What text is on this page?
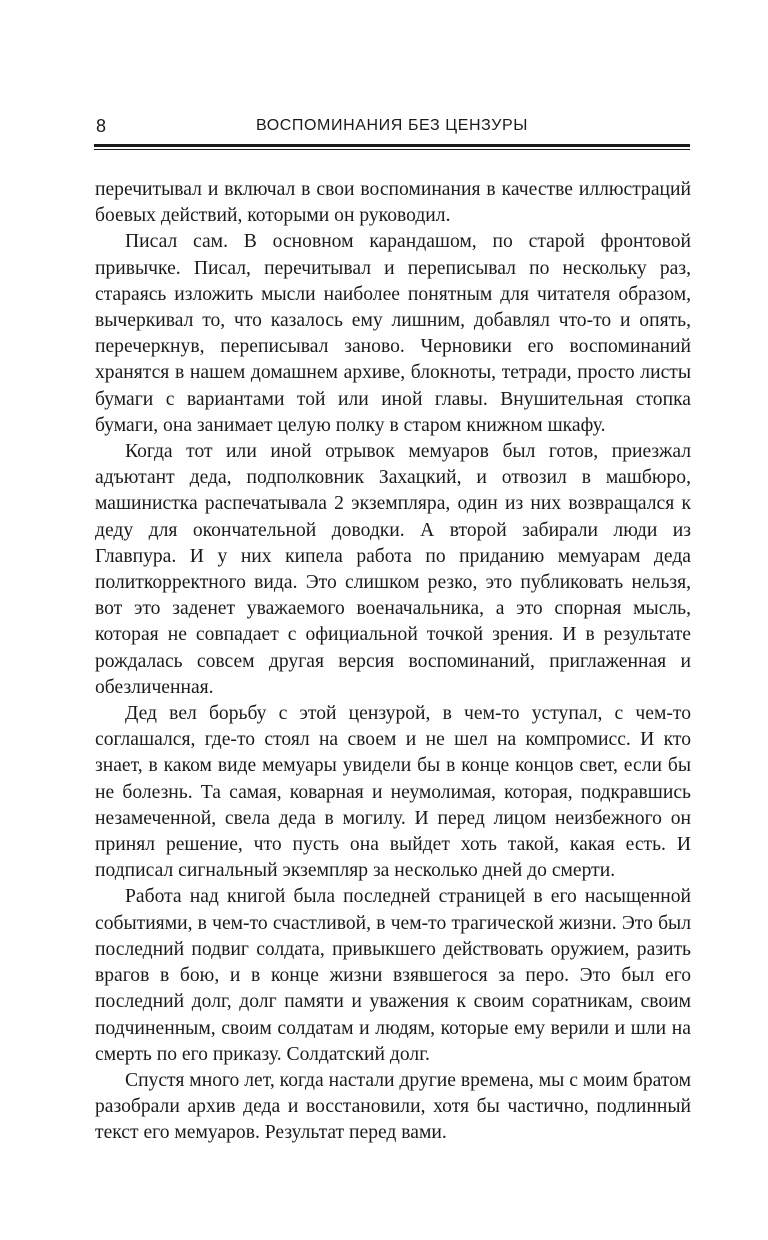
8	ВОСПОМИНАНИЯ БЕЗ ЦЕНЗУРЫ

перечитывал и включал в свои воспоминания в качестве иллюстраций боевых действий, которыми он руководил.

Писал сам. В основном карандашом, по старой фронтовой привычке. Писал, перечитывал и переписывал по нескольку раз, стараясь изложить мысли наиболее понятным для читателя образом, вычеркивал то, что казалось ему лишним, добавлял что-то и опять, перечеркнув, переписывал заново. Черновики его воспоминаний хранятся в нашем домашнем архиве, блокноты, тетради, просто листы бумаги с вариантами той или иной главы. Внушительная стопка бумаги, она занимает целую полку в старом книжном шкафу.

Когда тот или иной отрывок мемуаров был готов, приезжал адъютант деда, подполковник Захацкий, и отвозил в машбюро, машинистка распечатывала 2 экземпляра, один из них возвращался к деду для окончательной доводки. А второй забирали люди из Главпура. И у них кипела работа по приданию мемуарам деда политкорректного вида. Это слишком резко, это публиковать нельзя, вот это заденет уважаемого военачальника, а это спорная мысль, которая не совпадает с официальной точкой зрения. И в результате рождалась совсем другая версия воспоминаний, приглаженная и обезличенная.

Дед вел борьбу с этой цензурой, в чем-то уступал, с чем-то соглашался, где-то стоял на своем и не шел на компромисс. И кто знает, в каком виде мемуары увидели бы в конце концов свет, если бы не болезнь. Та самая, коварная и неумолимая, которая, подкравшись незамеченной, свела деда в могилу. И перед лицом неизбежного он принял решение, что пусть она выйдет хоть такой, какая есть. И подписал сигнальный экземпляр за несколько дней до смерти.

Работа над книгой была последней страницей в его насыщенной событиями, в чем-то счастливой, в чем-то трагической жизни. Это был последний подвиг солдата, привыкшего действовать оружием, разить врагов в бою, и в конце жизни взявшегося за перо. Это был его последний долг, долг памяти и уважения к своим соратникам, своим подчиненным, своим солдатам и людям, которые ему верили и шли на смерть по его приказу. Солдатский долг.

Спустя много лет, когда настали другие времена, мы с моим братом разобрали архив деда и восстановили, хотя бы частично, подлинный текст его мемуаров. Результат перед вами.
